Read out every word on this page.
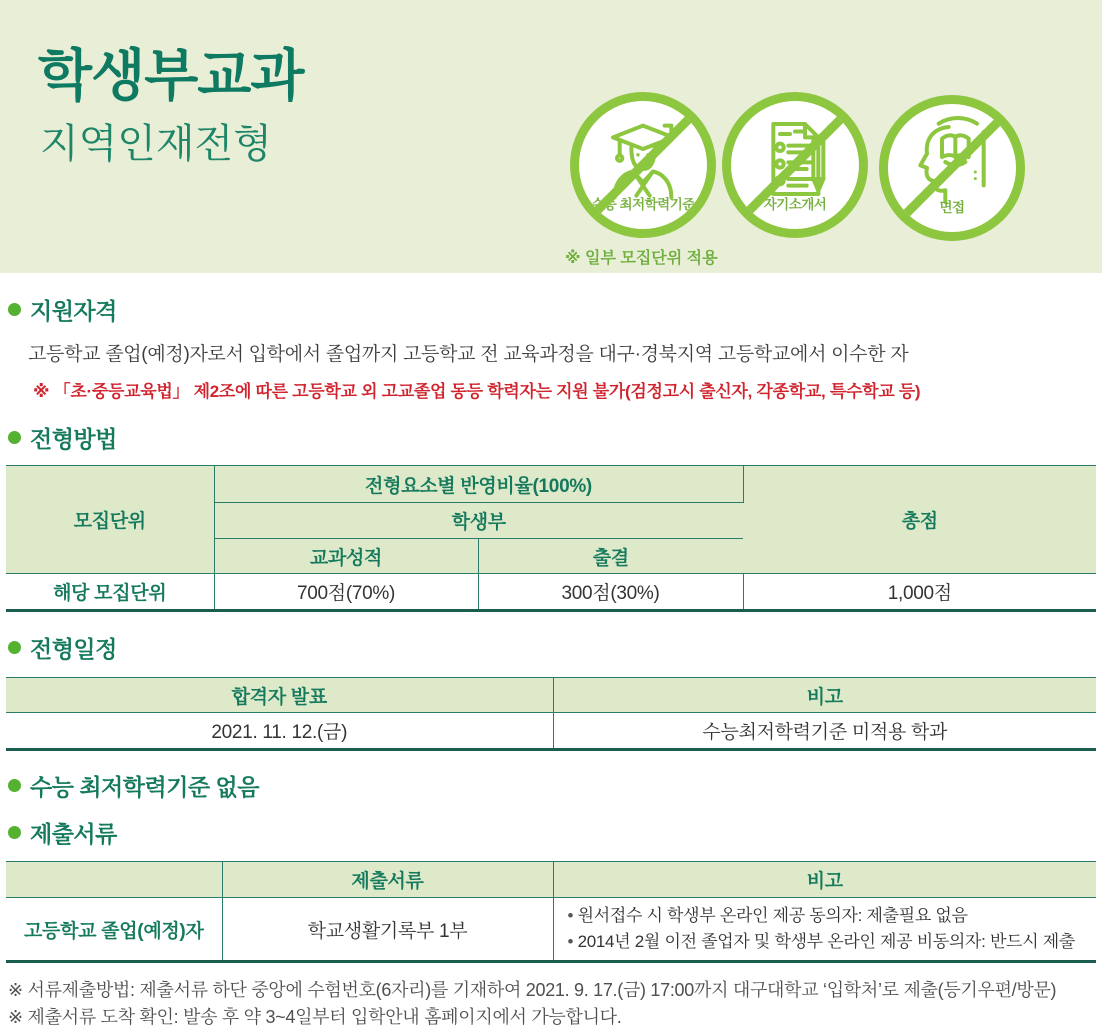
학생부교과
지역인재전형
수능 최저학력기준	자기소개서	면접
※ 일부 모집단위 적용
지원자격
고등학교 졸업(예정)자로서 입학에서 졸업까지 고등학교 전 교육과정을 대구·경북지역 고등학교에서 이수한 자
※ 「초·중등교육법」 제2조에 따른 고등학교 외 고교졸업 동등 학력자는 지원 불가(검정고시 출신자, 각종학교, 특수학교 등)
전형방법
모집단위	전형요소별 반영비율(100%)		총점
	학생부		
	교과성적	출결	
해당 모집단위	700점(70%)	300점(30%)	1,000점
전형일정
합격자 발표	비고
2021. 11. 12.(금)	수능최저학력기준 미적용 학과
수능 최저학력기준 없음
제출서류
	제출서류	비고
고등학교 졸업(예정)자	학교생활기록부 1부	• 원서접수 시 학생부 온라인 제공 동의자: 제출필요 없음
• 2014년 2월 이전 졸업자 및 학생부 온라인 제공 비동의자: 반드시 제출
※ 서류제출방법: 제출서류 하단 중앙에 수험번호(6자리)를 기재하여 2021. 9. 17.(금) 17:00까지 대구대학교 ‘입학처’로 제출(등기우편/방문)
※ 제출서류 도착 확인: 발송 후 약 3~4일부터 입학안내 홈페이지에서 가능합니다.
